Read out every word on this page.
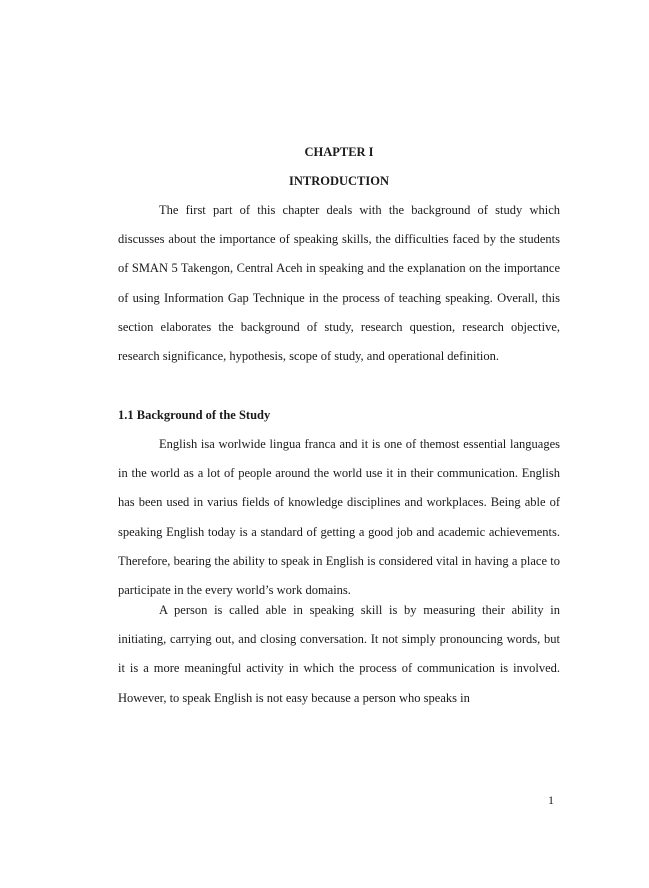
CHAPTER I
INTRODUCTION

The first part of this chapter deals with the background of study which discusses about the importance of speaking skills, the difficulties faced by the students of SMAN 5 Takengon, Central Aceh in speaking and the explanation on the importance of using Information Gap Technique in the process of teaching speaking. Overall, this section elaborates the background of study, research question, research objective, research significance, hypothesis, scope of study, and operational definition.

1.1 Background of the Study

English isa worlwide lingua franca and it is one of themost essential languages in the world as a lot of people around the world use it in their communication. English has been used in varius fields of knowledge disciplines and workplaces. Being able of speaking English today is a standard of getting a good job and academic achievements. Therefore, bearing the ability to speak in English is considered vital in having a place to participate in the every world’s work domains.

A person is called able in speaking skill is by measuring their ability in initiating, carrying out, and closing conversation. It not simply pronouncing words, but it is a more meaningful activity in which the process of communication is involved. However, to speak English is not easy because a person who speaks in

1
